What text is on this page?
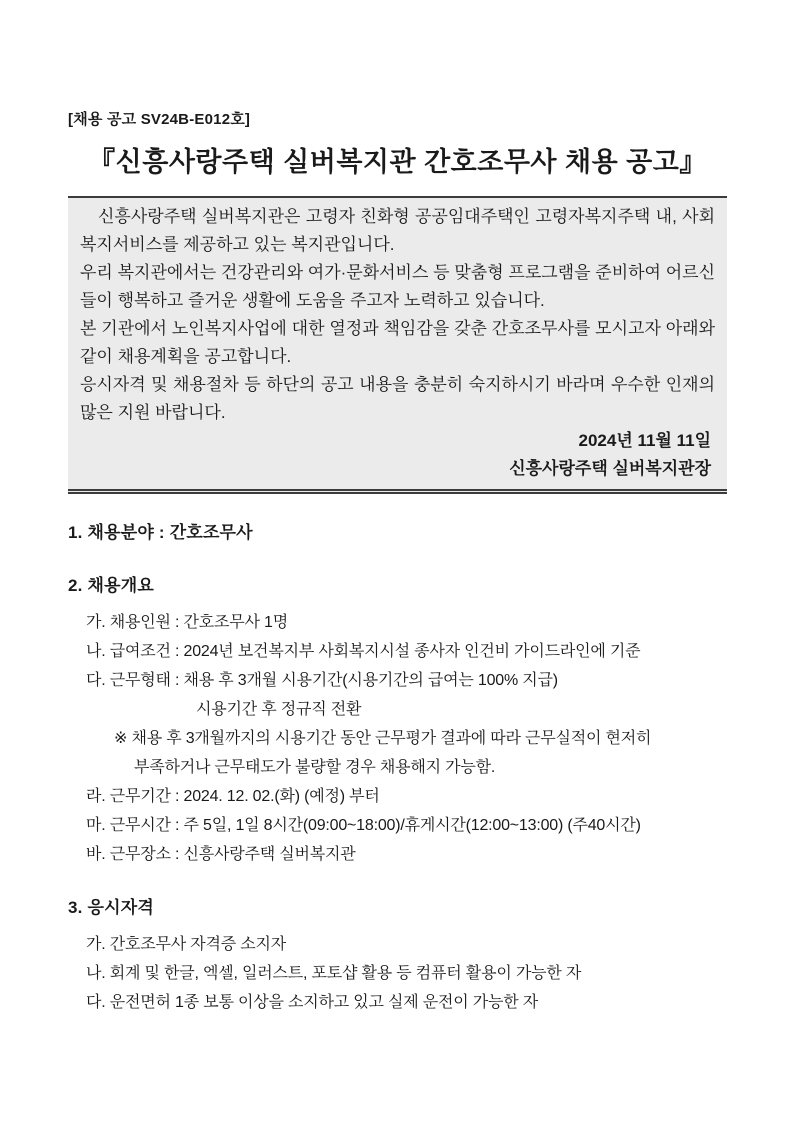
[채용 공고 SV24B-E012호]
『신흥사랑주택 실버복지관 간호조무사 채용 공고』

신흥사랑주택 실버복지관은 고령자 친화형 공공임대주택인 고령자복지주택 내, 사회복지서비스를 제공하고 있는 복지관입니다.

우리 복지관에서는 건강관리와 여가·문화서비스 등 맞춤형 프로그램을 준비하여 어르신들이 행복하고 즐거운 생활에 도움을 주고자 노력하고 있습니다.

본 기관에서 노인복지사업에 대한 열정과 책임감을 갖춘 간호조무사를 모시고자 아래와 같이 채용계획을 공고합니다.

응시자격 및 채용절차 등 하단의 공고 내용을 충분히 숙지하시기 바라며 우수한 인재의 많은 지원 바랍니다.

2024년 11월 11일

신흥사랑주택 실버복지관장

1. 채용분야 : 간호조무사
2. 채용개요
가. 채용인원 : 간호조무사 1명
나. 급여조건 : 2024년 보건복지부 사회복지시설 종사자 인건비 가이드라인에 기준
다. 근무형태 : 채용 후 3개월 시용기간(시용기간의 급여는 100% 지급)
시용기간 후 정규직 전환
※ 채용 후 3개월까지의 시용기간 동안 근무평가 결과에 따라 근무실적이 현저히
부족하거나 근무태도가 불량할 경우 채용해지 가능함.
라. 근무기간 : 2024. 12. 02.(화) (예정) 부터
마. 근무시간 : 주 5일, 1일 8시간(09:00~18:00)/휴게시간(12:00~13:00) (주40시간)
바. 근무장소 : 신흥사랑주택 실버복지관
3. 응시자격
가. 간호조무사 자격증 소지자
나. 회계 및 한글, 엑셀, 일러스트, 포토샵 활용 등 컴퓨터 활용이 가능한 자
다. 운전면허 1종 보통 이상을 소지하고 있고 실제 운전이 가능한 자
